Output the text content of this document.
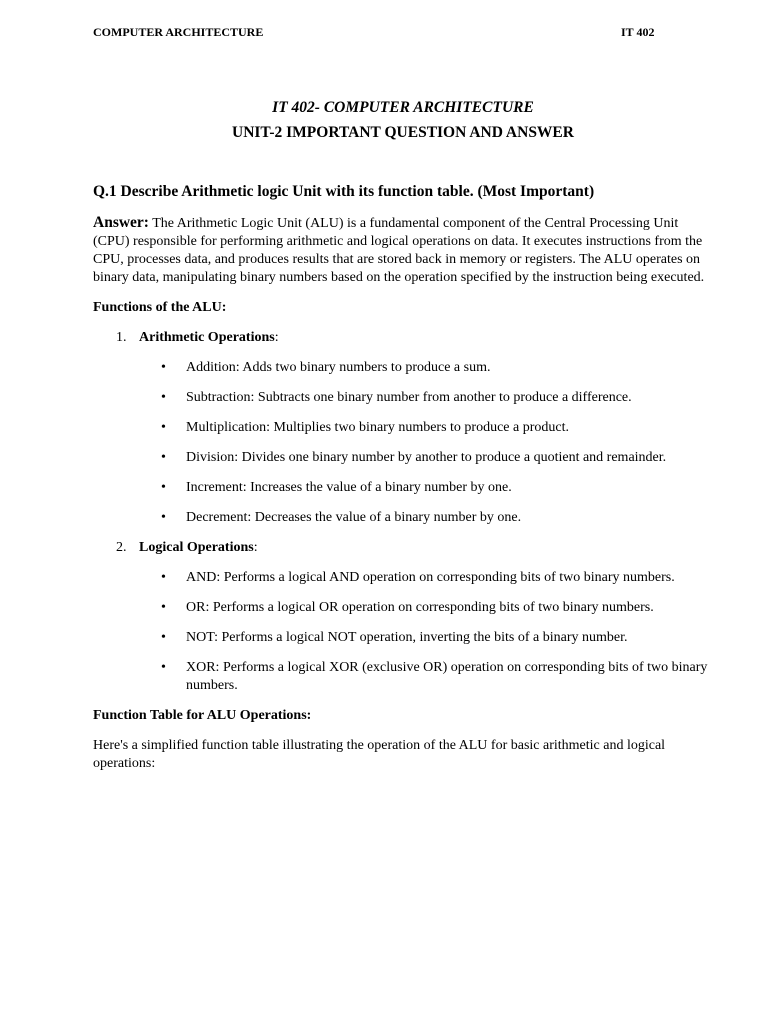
COMPUTER ARCHITECTURE	IT 402
IT 402- COMPUTER ARCHITECTURE
UNIT-2 IMPORTANT QUESTION AND ANSWER
Q.1 Describe Arithmetic logic Unit with its function table. (Most Important)

Answer: The Arithmetic Logic Unit (ALU) is a fundamental component of the Central Processing Unit (CPU) responsible for performing arithmetic and logical operations on data. It executes instructions from the CPU, processes data, and produces results that are stored back in memory or registers. The ALU operates on binary data, manipulating binary numbers based on the operation specified by the instruction being executed.

Functions of the ALU:
1. Arithmetic Operations:
• Addition: Adds two binary numbers to produce a sum.
• Subtraction: Subtracts one binary number from another to produce a difference.
• Multiplication: Multiplies two binary numbers to produce a product.
• Division: Divides one binary number by another to produce a quotient and remainder.
• Increment: Increases the value of a binary number by one.
• Decrement: Decreases the value of a binary number by one.
2. Logical Operations:
• AND: Performs a logical AND operation on corresponding bits of two binary numbers.
• OR: Performs a logical OR operation on corresponding bits of two binary numbers.
• NOT: Performs a logical NOT operation, inverting the bits of a binary number.
• XOR: Performs a logical XOR (exclusive OR) operation on corresponding bits of two binary numbers.
Function Table for ALU Operations:

Here's a simplified function table illustrating the operation of the ALU for basic arithmetic and logical operations:
